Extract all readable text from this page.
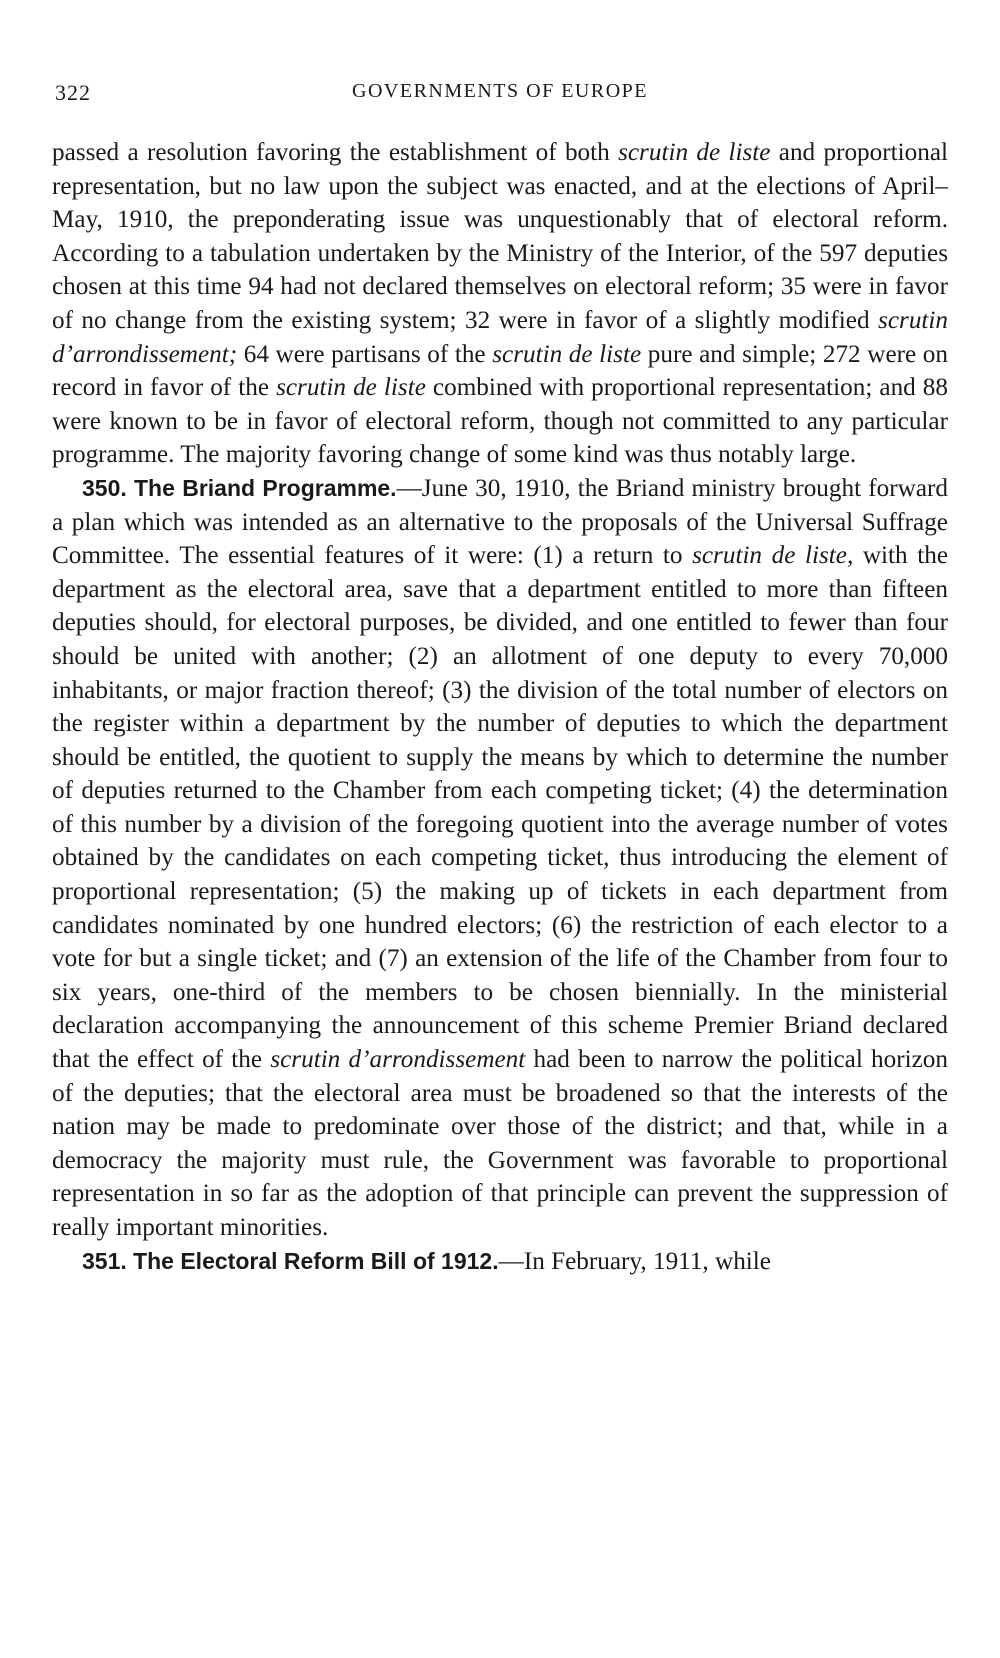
322	GOVERNMENTS OF EUROPE

passed a resolution favoring the establishment of both scrutin de liste and proportional representation, but no law upon the subject was enacted, and at the elections of April–May, 1910, the preponderating issue was unquestionably that of electoral reform. According to a tabulation undertaken by the Ministry of the Interior, of the 597 deputies chosen at this time 94 had not declared themselves on electoral reform; 35 were in favor of no change from the existing system; 32 were in favor of a slightly modified scrutin d’arrondissement; 64 were partisans of the scrutin de liste pure and simple; 272 were on record in favor of the scrutin de liste combined with proportional representation; and 88 were known to be in favor of electoral reform, though not committed to any particular programme. The majority favoring change of some kind was thus notably large.

350. The Briand Programme.—June 30, 1910, the Briand ministry brought forward a plan which was intended as an alternative to the proposals of the Universal Suffrage Committee. The essential features of it were: (1) a return to scrutin de liste, with the department as the electoral area, save that a department entitled to more than fifteen deputies should, for electoral purposes, be divided, and one entitled to fewer than four should be united with another; (2) an allotment of one deputy to every 70,000 inhabitants, or major fraction thereof; (3) the division of the total number of electors on the register within a department by the number of deputies to which the department should be entitled, the quotient to supply the means by which to determine the number of deputies returned to the Chamber from each competing ticket; (4) the determination of this number by a division of the foregoing quotient into the average number of votes obtained by the candidates on each competing ticket, thus introducing the element of proportional representation; (5) the making up of tickets in each department from candidates nominated by one hundred electors; (6) the restriction of each elector to a vote for but a single ticket; and (7) an extension of the life of the Chamber from four to six years, one-third of the members to be chosen biennially. In the ministerial declaration accompanying the announcement of this scheme Premier Briand declared that the effect of the scrutin d’arrondissement had been to narrow the political horizon of the deputies; that the electoral area must be broadened so that the interests of the nation may be made to predominate over those of the district; and that, while in a democracy the majority must rule, the Government was favorable to proportional representation in so far as the adoption of that principle can prevent the suppression of really important minorities.

351. The Electoral Reform Bill of 1912.—In February, 1911, while
